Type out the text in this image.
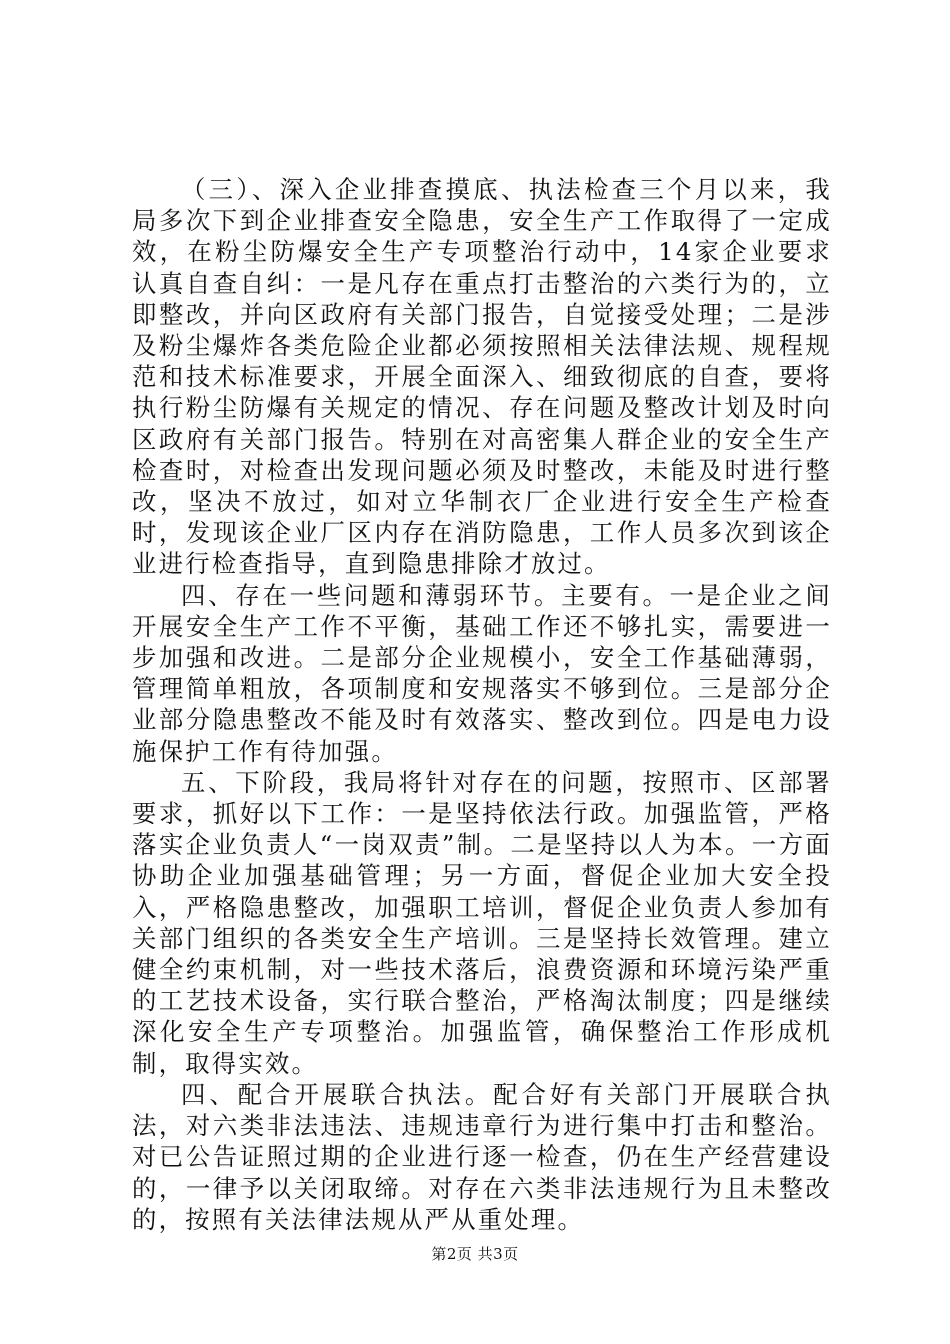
（三）、深入企业排查摸底、执法检查三个月以来，我局多次下到企业排查安全隐患，安全生产工作取得了一定成效，在粉尘防爆安全生产专项整治行动中，14家企业要求认真自查自纠：一是凡存在重点打击整治的六类行为的，立即整改，并向区政府有关部门报告，自觉接受处理；二是涉及粉尘爆炸各类危险企业都必须按照相关法律法规、规程规范和技术标准要求，开展全面深入、细致彻底的自查，要将执行粉尘防爆有关规定的情况、存在问题及整改计划及时向区政府有关部门报告。特别在对高密集人群企业的安全生产检查时，对检查出发现问题必须及时整改，未能及时进行整改，坚决不放过，如对立华制衣厂企业进行安全生产检查时，发现该企业厂区内存在消防隐患，工作人员多次到该企业进行检查指导，直到隐患排除才放过。

四、存在一些问题和薄弱环节。主要有。一是企业之间开展安全生产工作不平衡，基础工作还不够扎实，需要进一步加强和改进。二是部分企业规模小，安全工作基础薄弱，管理简单粗放，各项制度和安规落实不够到位。三是部分企业部分隐患整改不能及时有效落实、整改到位。四是电力设施保护工作有待加强。

五、下阶段，我局将针对存在的问题，按照市、区部署要求，抓好以下工作：一是坚持依法行政。加强监管，严格落实企业负责人“一岗双责”制。二是坚持以人为本。一方面协助企业加强基础管理；另一方面，督促企业加大安全投入，严格隐患整改，加强职工培训，督促企业负责人参加有关部门组织的各类安全生产培训。三是坚持长效管理。建立健全约束机制，对一些技术落后，浪费资源和环境污染严重的工艺技术设备，实行联合整治，严格淘汰制度；四是继续深化安全生产专项整治。加强监管，确保整治工作形成机制，取得实效。

四、配合开展联合执法。配合好有关部门开展联合执法，对六类非法违法、违规违章行为进行集中打击和整治。对已公告证照过期的企业进行逐一检查，仍在生产经营建设的，一律予以关闭取缔。对存在六类非法违规行为且未整改的，按照有关法律法规从严从重处理。

第2页 共3页
